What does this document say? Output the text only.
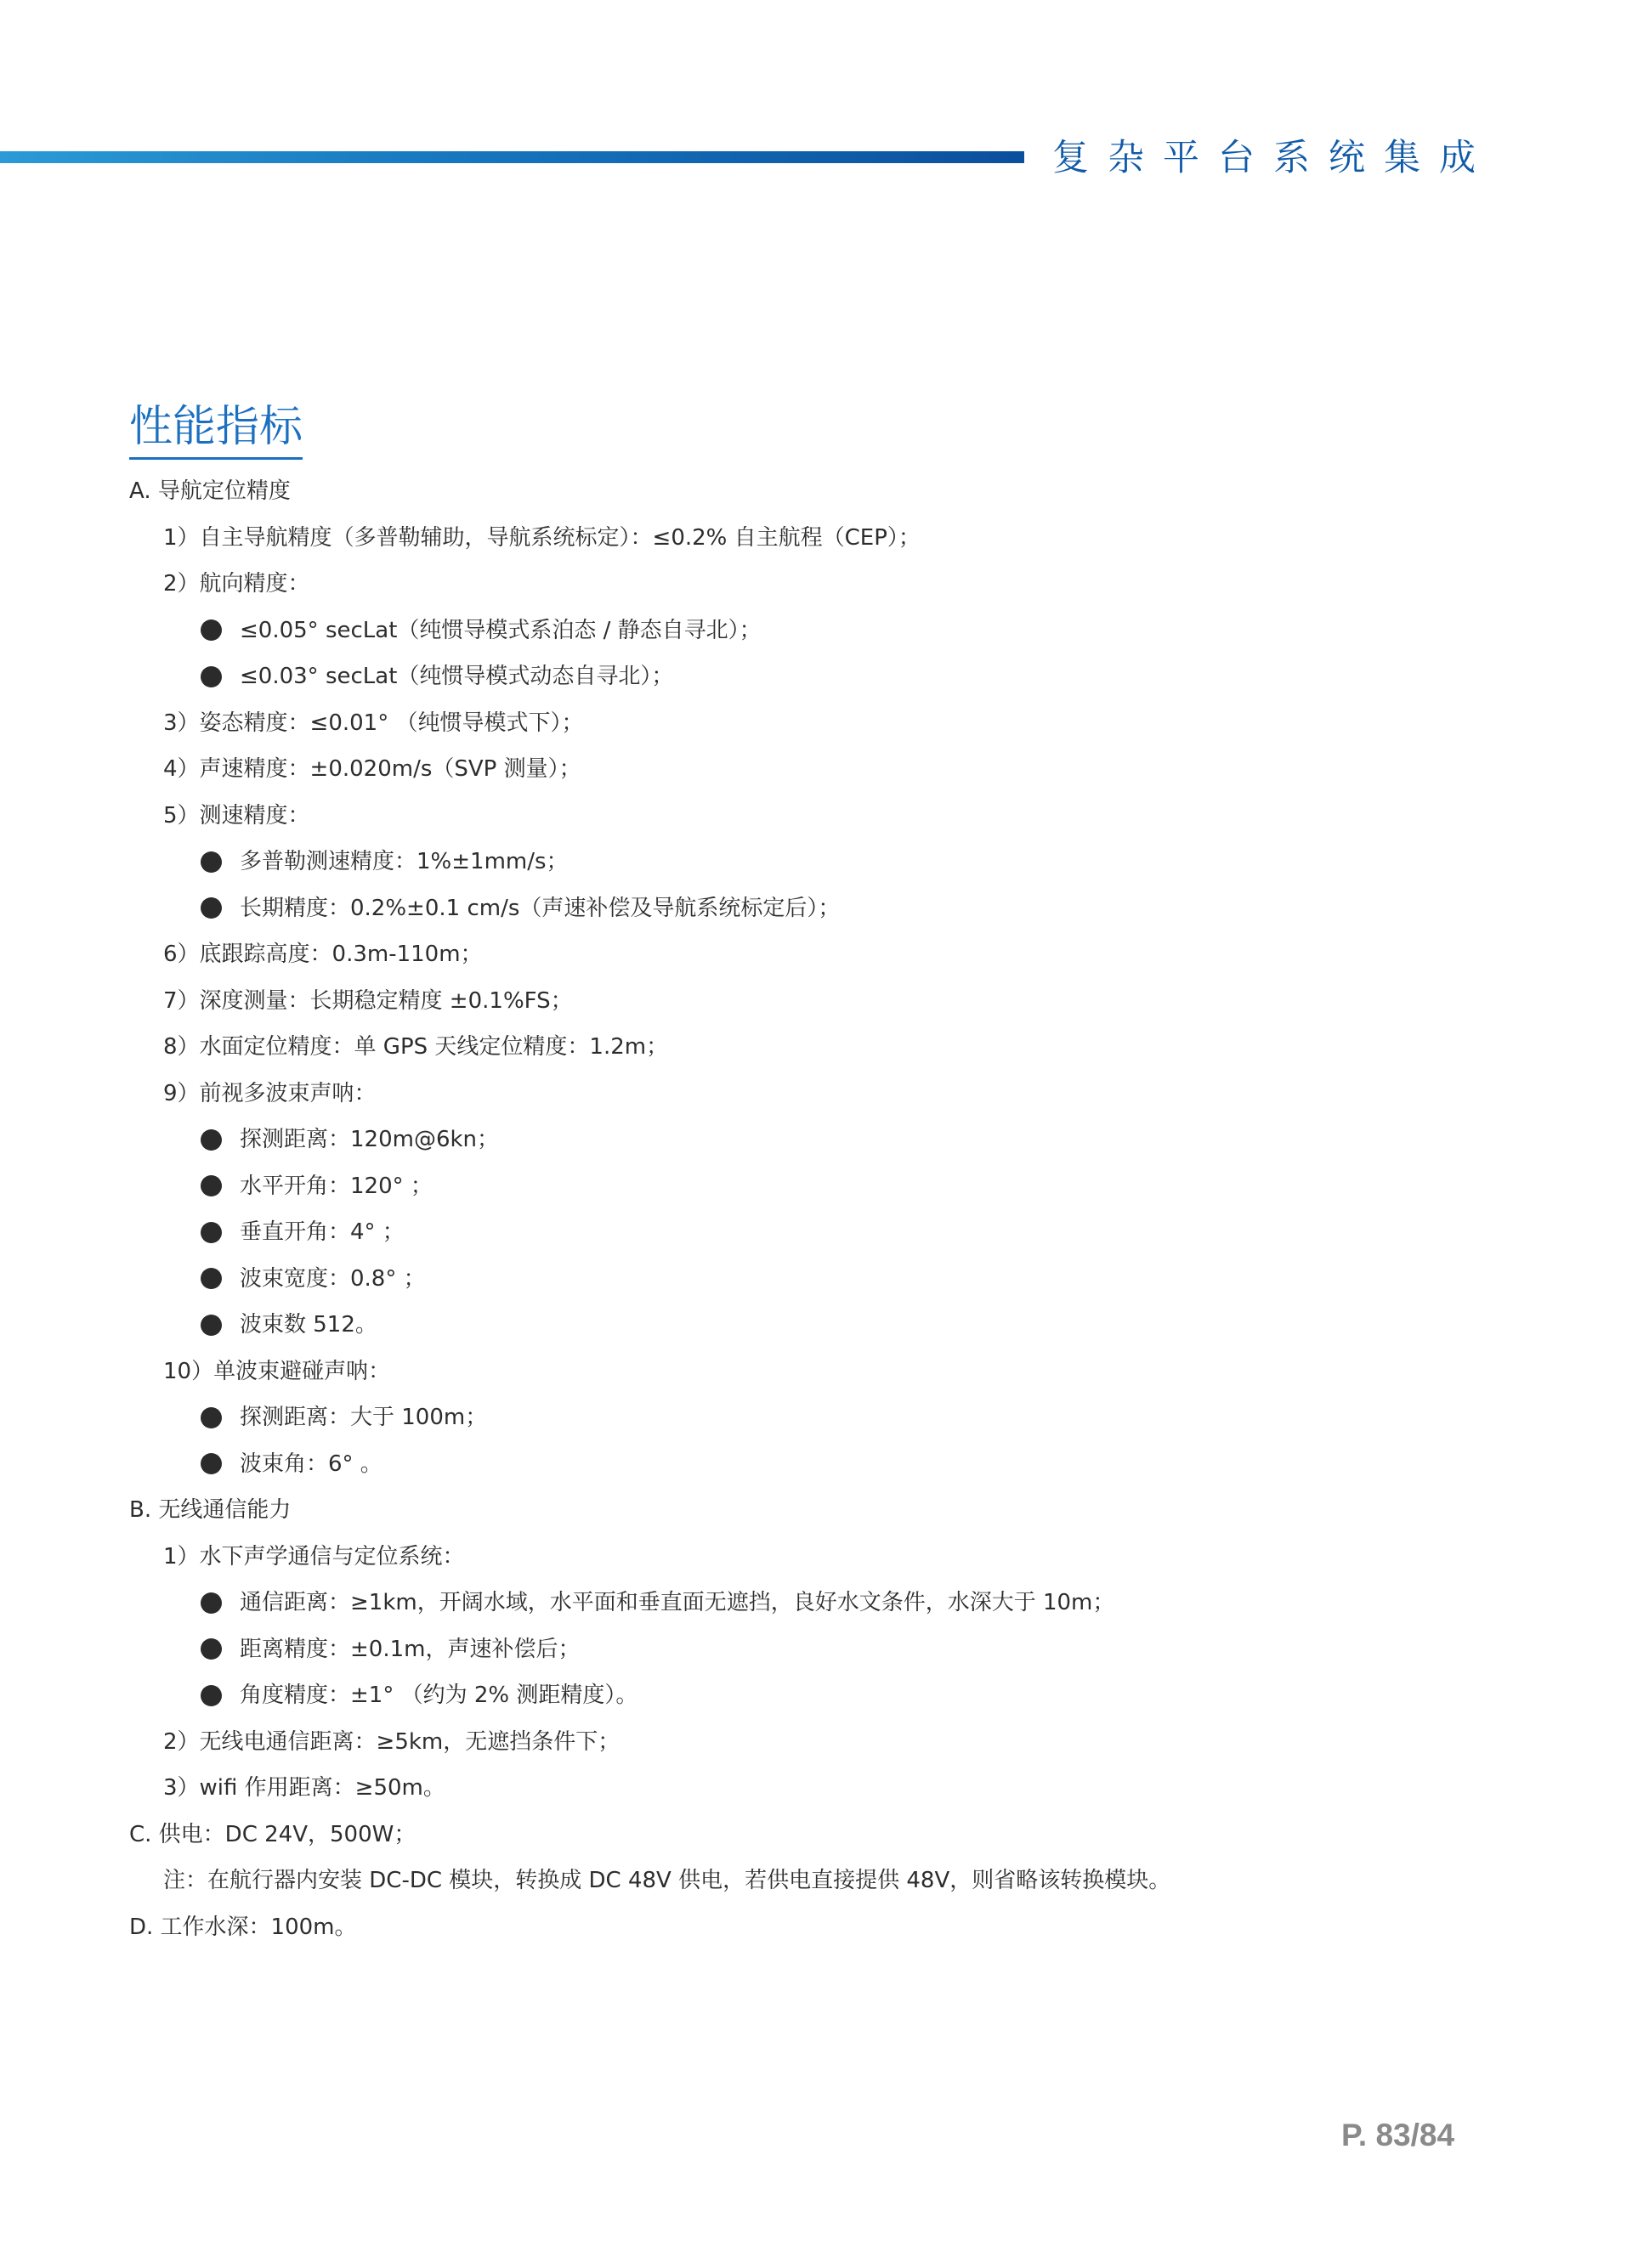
复杂平台系统集成
性能指标
A. 导航定位精度
1）自主导航精度（多普勒辅助，导航系统标定）：≤0.2% 自主航程（CEP）；
2）航向精度：
≤0.05° secLat（纯惯导模式系泊态 / 静态自寻北）；
≤0.03° secLat（纯惯导模式动态自寻北）；
3）姿态精度：≤0.01° （纯惯导模式下）；
4）声速精度：±0.020m/s（SVP 测量）；
5）测速精度：
多普勒测速精度：1%±1mm/s；
长期精度：0.2%±0.1 cm/s（声速补偿及导航系统标定后）；
6）底跟踪高度：0.3m-110m；
7）深度测量：长期稳定精度 ±0.1%FS；
8）水面定位精度：单 GPS 天线定位精度：1.2m；
9）前视多波束声呐：
探测距离：120m@6kn；
水平开角：120° ；
垂直开角：4° ；
波束宽度：0.8° ；
波束数 512。
10）单波束避碰声呐：
探测距离：大于 100m；
波束角：6° 。
B. 无线通信能力
1）水下声学通信与定位系统：
通信距离：≥1km，开阔水域，水平面和垂直面无遮挡，良好水文条件，水深大于 10m；
距离精度：±0.1m，声速补偿后；
角度精度：±1° （约为 2% 测距精度）。
2）无线电通信距离：≥5km，无遮挡条件下；
3）wifi 作用距离：≥50m。
C. 供电：DC 24V，500W；
注：在航行器内安装 DC-DC 模块，转换成 DC 48V 供电，若供电直接提供 48V，则省略该转换模块。
D. 工作水深：100m。
P. 83/84
